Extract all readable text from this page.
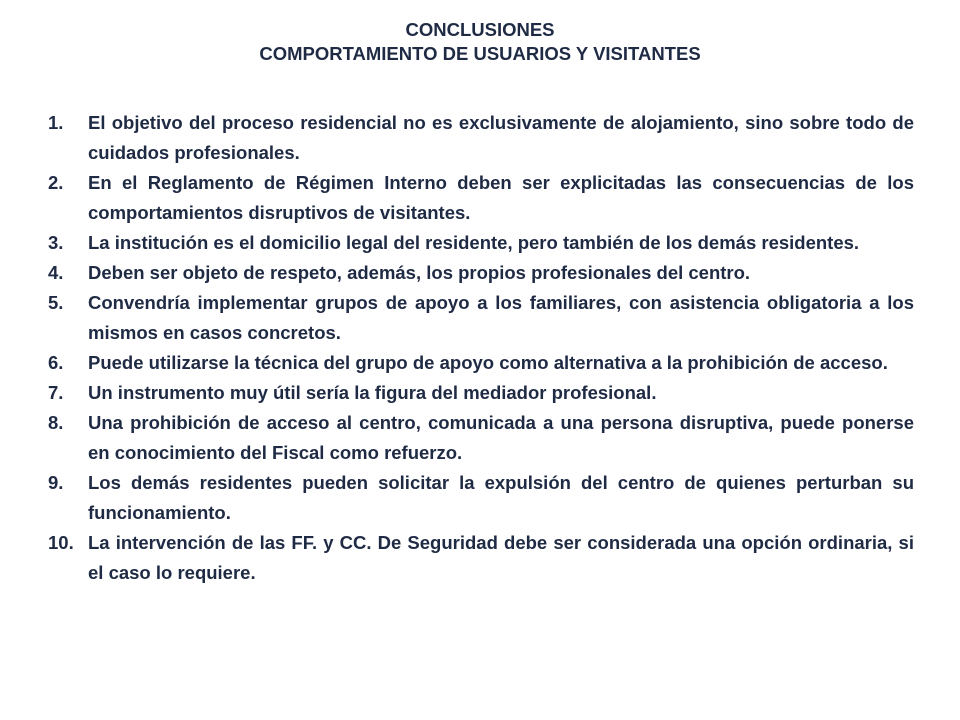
CONCLUSIONES
COMPORTAMIENTO DE USUARIOS Y VISITANTES
1. El objetivo del proceso residencial no es exclusivamente de alojamiento, sino sobre todo de cuidados profesionales.
2. En el Reglamento de Régimen Interno deben ser explicitadas las consecuencias de los comportamientos disruptivos de visitantes.
3. La institución es el domicilio legal del residente, pero también de los demás residentes.
4. Deben ser objeto de respeto, además, los propios profesionales del centro.
5. Convendría implementar grupos de apoyo a los familiares, con asistencia obligatoria a los mismos en casos concretos.
6. Puede utilizarse la técnica del grupo de apoyo como alternativa a la prohibición de acceso.
7. Un instrumento muy útil sería la figura del mediador profesional.
8. Una prohibición de acceso al centro, comunicada a una persona disruptiva, puede ponerse en conocimiento del Fiscal como refuerzo.
9. Los demás residentes pueden solicitar la expulsión del centro de quienes perturban su funcionamiento.
10. La intervención de las FF. y CC. De Seguridad debe ser considerada una opción ordinaria, si el caso lo requiere.
